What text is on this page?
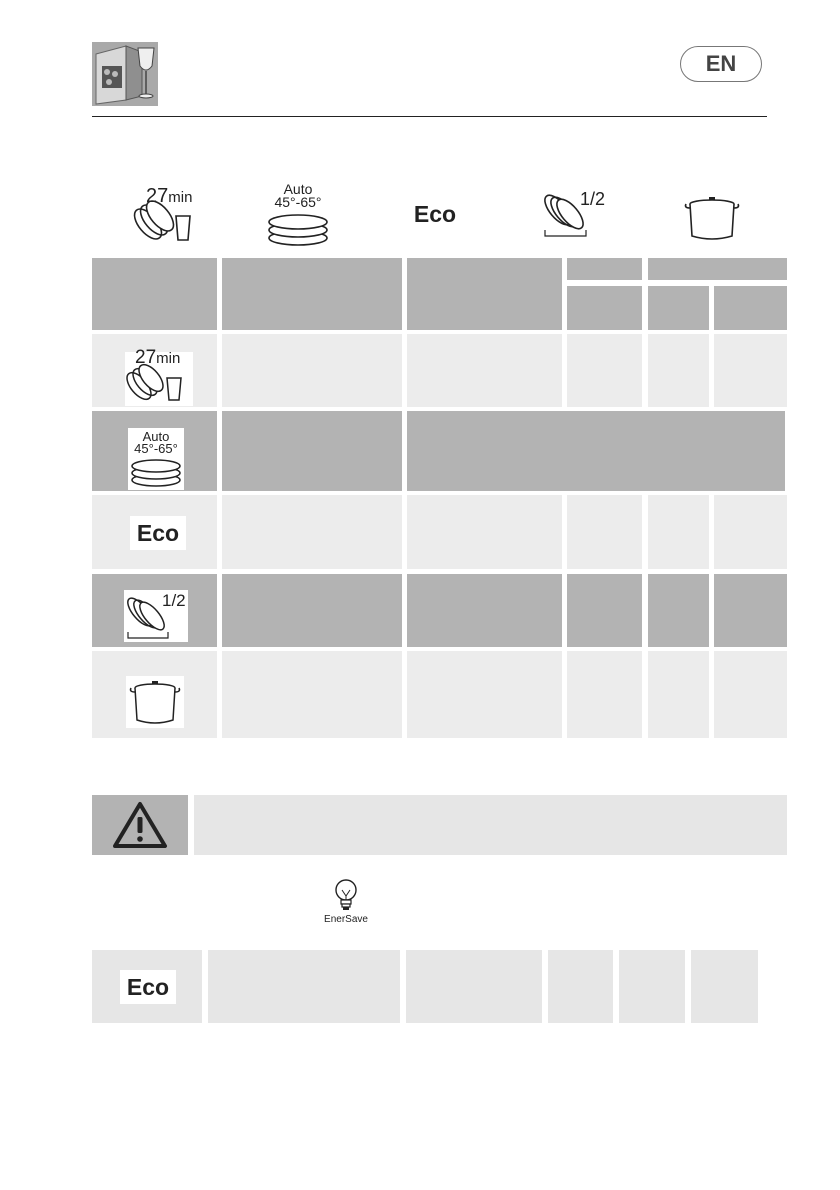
EN
27min	Auto
45°-65°	Eco
1/2
27min
Auto
45°-65°
Eco
1/2
EnerSave
Eco
